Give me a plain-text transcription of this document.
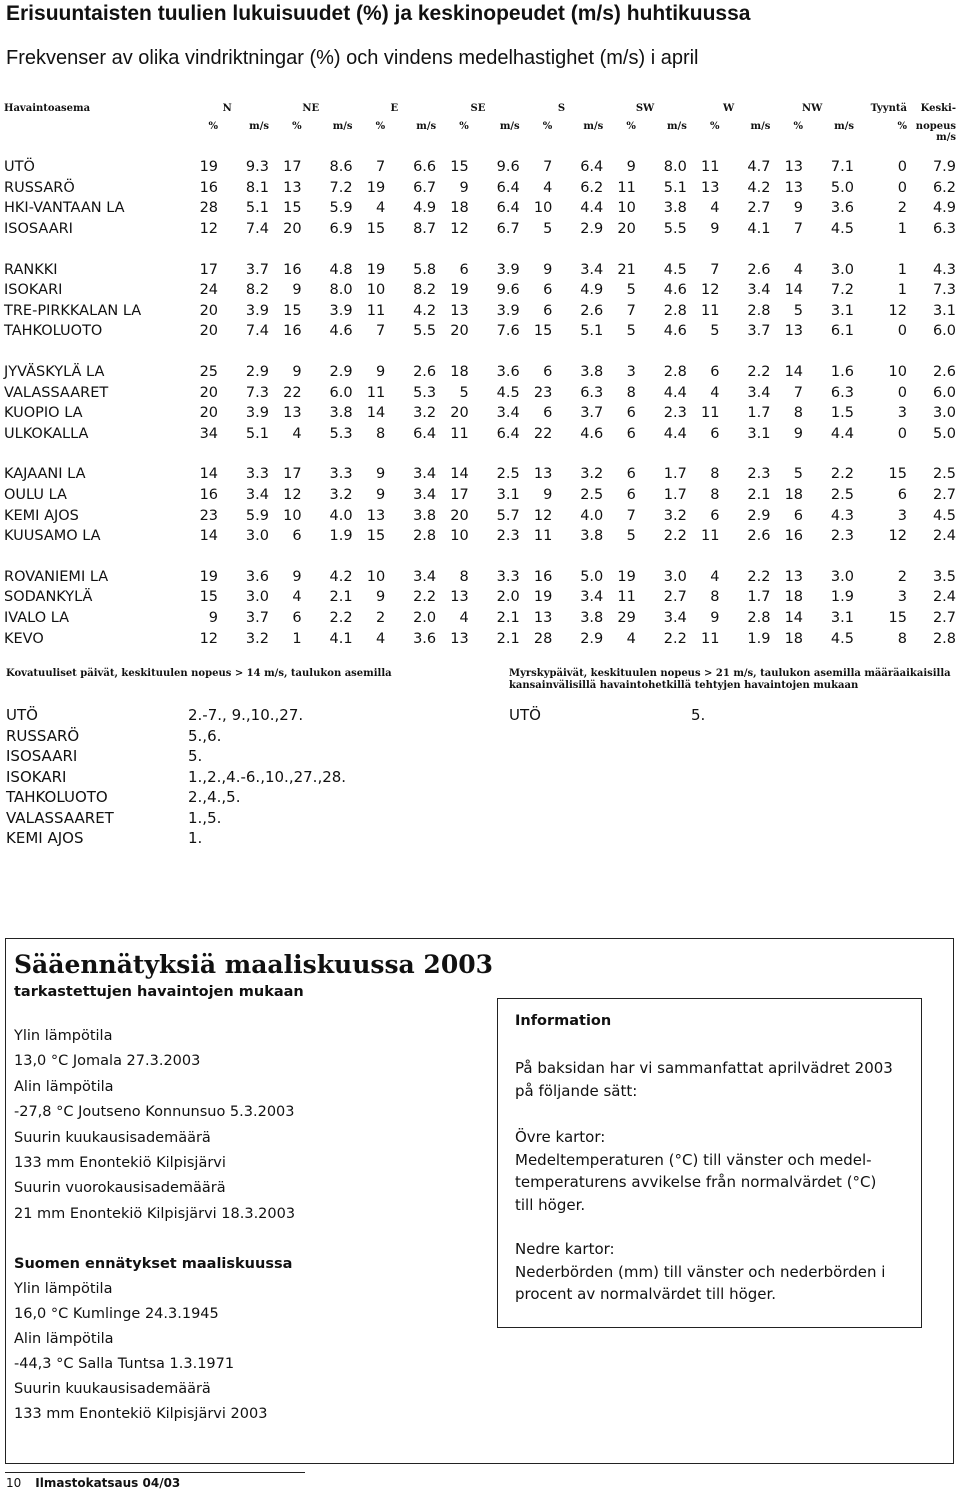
Erisuuntaisten tuulien lukuisuudet (%) ja keskinopeudet (m/s) huhtikuussa
Frekvenser av olika vindriktningar (%) och vindens medelhastighet (m/s) i april
Havaintoasema	N		NE		E		SE		S		SW		W		NW		Tyyntä	Keski-
	%	m/s	%	m/s	%	m/s	%	m/s	%	m/s	%	m/s	%	m/s	%	m/s	%	nopeus
m/s

UTÖ	19	9.3	17	8.6	7	6.6	15	9.6	7	6.4	9	8.0	11	4.7	13	7.1	0	7.9
RUSSARÖ	16	8.1	13	7.2	19	6.7	9	6.4	4	6.2	11	5.1	13	4.2	13	5.0	0	6.2
HKI-VANTAAN LA	28	5.1	15	5.9	4	4.9	18	6.4	10	4.4	10	3.8	4	2.7	9	3.6	2	4.9
ISOSAARI	12	7.4	20	6.9	15	8.7	12	6.7	5	2.9	20	5.5	9	4.1	7	4.5	1	6.3

RANKKI	17	3.7	16	4.8	19	5.8	6	3.9	9	3.4	21	4.5	7	2.6	4	3.0	1	4.3
ISOKARI	24	8.2	9	8.0	10	8.2	19	9.6	6	4.9	5	4.6	12	3.4	14	7.2	1	7.3
TRE-PIRKKALAN LA	20	3.9	15	3.9	11	4.2	13	3.9	6	2.6	7	2.8	11	2.8	5	3.1	12	3.1
TAHKOLUOTO	20	7.4	16	4.6	7	5.5	20	7.6	15	5.1	5	4.6	5	3.7	13	6.1	0	6.0

JYVÄSKYLÄ LA	25	2.9	9	2.9	9	2.6	18	3.6	6	3.8	3	2.8	6	2.2	14	1.6	10	2.6
VALASSAARET	20	7.3	22	6.0	11	5.3	5	4.5	23	6.3	8	4.4	4	3.4	7	6.3	0	6.0
KUOPIO LA	20	3.9	13	3.8	14	3.2	20	3.4	6	3.7	6	2.3	11	1.7	8	1.5	3	3.0
ULKOKALLA	34	5.1	4	5.3	8	6.4	11	6.4	22	4.6	6	4.4	6	3.1	9	4.4	0	5.0

KAJAANI LA	14	3.3	17	3.3	9	3.4	14	2.5	13	3.2	6	1.7	8	2.3	5	2.2	15	2.5
OULU LA	16	3.4	12	3.2	9	3.4	17	3.1	9	2.5	6	1.7	8	2.1	18	2.5	6	2.7
KEMI AJOS	23	5.9	10	4.0	13	3.8	20	5.7	12	4.0	7	3.2	6	2.9	6	4.3	3	4.5
KUUSAMO LA	14	3.0	6	1.9	15	2.8	10	2.3	11	3.8	5	2.2	11	2.6	16	2.3	12	2.4

ROVANIEMI LA	19	3.6	9	4.2	10	3.4	8	3.3	16	5.0	19	3.0	4	2.2	13	3.0	2	3.5
SODANKYLÄ	15	3.0	4	2.1	9	2.2	13	2.0	19	3.4	11	2.7	8	1.7	18	1.9	3	2.4
IVALO LA	9	3.7	6	2.2	2	2.0	4	2.1	13	3.8	29	3.4	9	2.8	14	3.1	15	2.7
KEVO	12	3.2	1	4.1	4	3.6	13	2.1	28	2.9	4	2.2	11	1.9	18	4.5	8	2.8
Kovatuuliset päivät, keskituulen nopeus > 14 m/s, taulukon asemilla
UTÖ	2.-7., 9.,10.,27.
RUSSARÖ	5.,6.
ISOSAARI	5.
ISOKARI	1.,2.,4.-6.,10.,27.,28.
TAHKOLUOTO	2.,4.,5.
VALASSAARET	1.,5.
KEMI AJOS	1.
Myrskypäivät, keskituulen nopeus > 21 m/s, taulukon asemilla määräaikaisilla
kansainvälisillä havaintohetkillä tehtyjen havaintojen mukaan
UTÖ	5.
Sääennätyksiä maaliskuussa 2003
tarkastettujen havaintojen mukaan
Ylin lämpötila
13,0 °C Jomala 27.3.2003
Alin lämpötila
-27,8 °C Joutseno Konnunsuo 5.3.2003
Suurin kuukausisademäärä
133 mm Enontekiö Kilpisjärvi
Suurin vuorokausisademäärä
21 mm Enontekiö Kilpisjärvi 18.3.2003
Suomen ennätykset maaliskuussa
Ylin lämpötila
16,0 °C Kumlinge 24.3.1945
Alin lämpötila
-44,3 °C Salla Tuntsa 1.3.1971
Suurin kuukausisademäärä
133 mm Enontekiö Kilpisjärvi 2003
Information
På baksidan har vi sammanfattat aprilvädret 2003
på följande sätt:
Övre kartor:
Medeltemperaturen (°C) till vänster och medel-
temperaturens avvikelse från normalvärdet (°C)
till höger.
Nedre kartor:
Nederbörden (mm) till vänster och nederbörden i
procent av normalvärdet till höger.
10 Ilmastokatsaus 04/03
